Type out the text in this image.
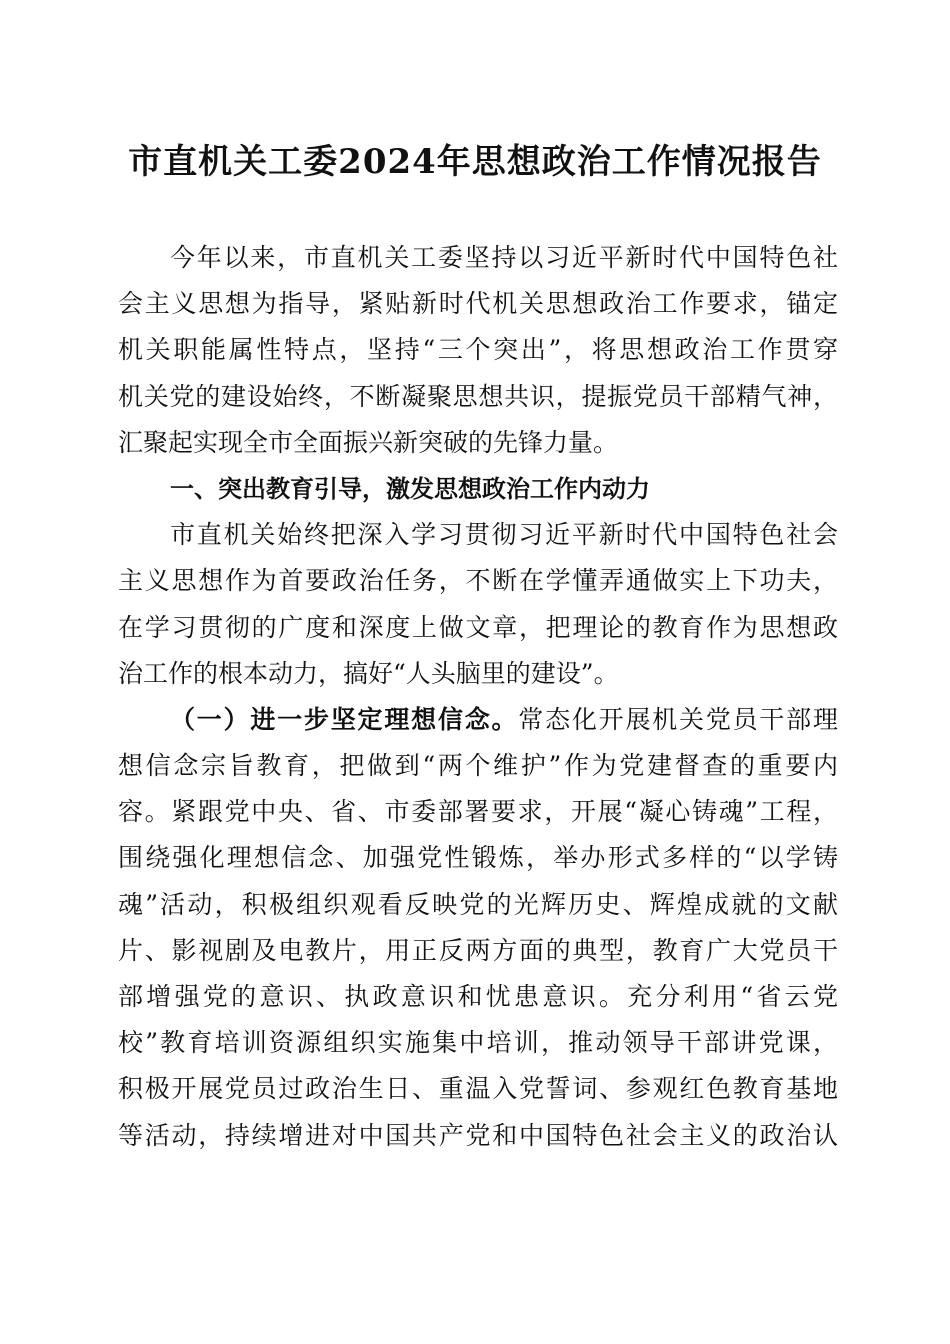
市直机关工委2024年思想政治工作情况报告
今年以来，市直机关工委坚持以习近平新时代中国特色社
会主义思想为指导，紧贴新时代机关思想政治工作要求，锚定
机关职能属性特点，坚持“三个突出”，将思想政治工作贯穿
机关党的建设始终，不断凝聚思想共识，提振党员干部精气神，
汇聚起实现全市全面振兴新突破的先锋力量。
一、突出教育引导，激发思想政治工作内动力
市直机关始终把深入学习贯彻习近平新时代中国特色社会
主义思想作为首要政治任务，不断在学懂弄通做实上下功夫，
在学习贯彻的广度和深度上做文章，把理论的教育作为思想政
治工作的根本动力，搞好“人头脑里的建设”。
（一）进一步坚定理想信念。常态化开展机关党员干部理
想信念宗旨教育，把做到“两个维护”作为党建督查的重要内
容。紧跟党中央、省、市委部署要求，开展“凝心铸魂”工程，
围绕强化理想信念、加强党性锻炼，举办形式多样的“以学铸
魂”活动，积极组织观看反映党的光辉历史、辉煌成就的文献
片、影视剧及电教片，用正反两方面的典型，教育广大党员干
部增强党的意识、执政意识和忧患意识。充分利用“省云党
校”教育培训资源组织实施集中培训，推动领导干部讲党课，
积极开展党员过政治生日、重温入党誓词、参观红色教育基地
等活动，持续增进对中国共产党和中国特色社会主义的政治认
